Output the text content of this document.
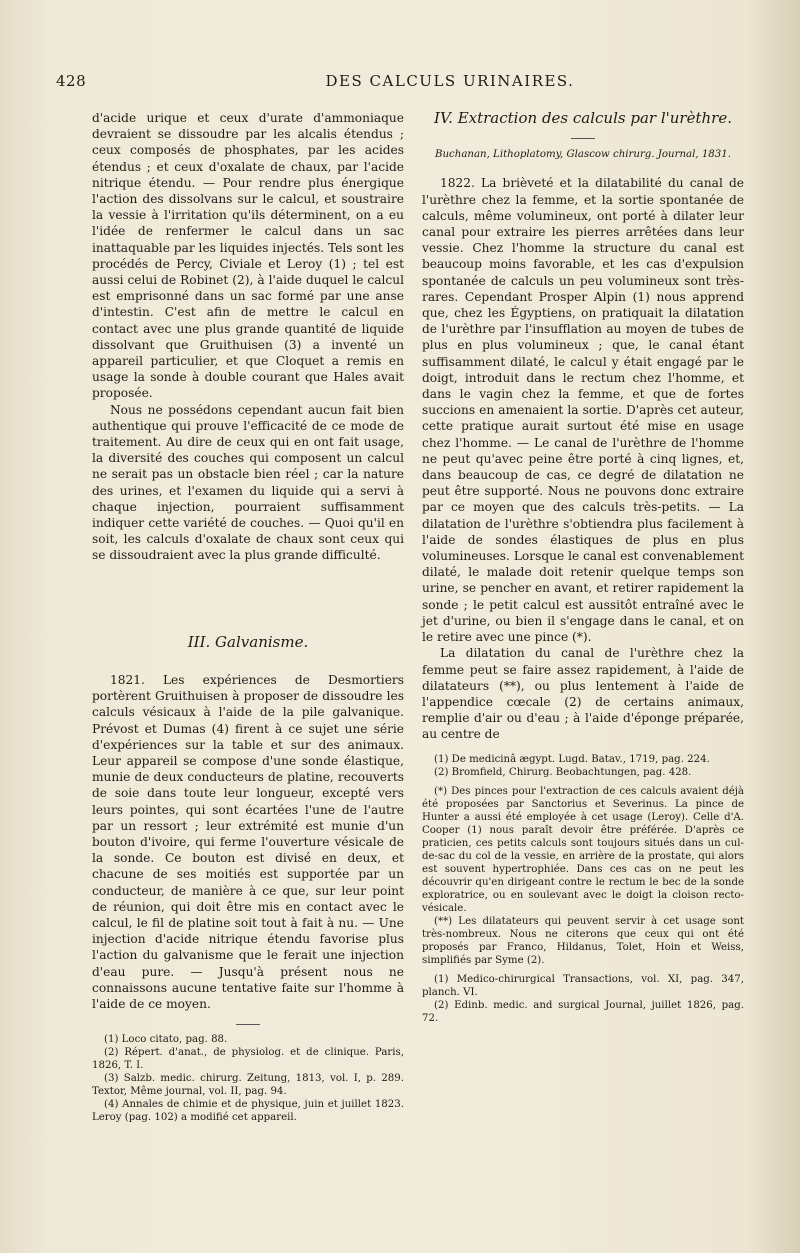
428	DES CALCULS URINAIRES.

d'acide urique et ceux d'urate d'ammoniaque devraient se dissoudre par les alcalis étendus ; ceux composés de phosphates, par les acides étendus ; et ceux d'oxalate de chaux, par l'acide nitrique étendu. — Pour rendre plus énergique l'action des dissolvans sur le calcul, et soustraire la vessie à l'irritation qu'ils déterminent, on a eu l'idée de renfermer le calcul dans un sac inattaquable par les liquides injectés. Tels sont les procédés de Percy, Civiale et Leroy (1) ; tel est aussi celui de Robinet (2), à l'aide duquel le calcul est emprisonné dans un sac formé par une anse d'intestin. C'est afin de mettre le calcul en contact avec une plus grande quantité de liquide dissolvant que Gruithuisen (3) a inventé un appareil particulier, et que Cloquet a remis en usage la sonde à double courant que Hales avait proposée.

Nous ne possédons cependant aucun fait bien authentique qui prouve l'efficacité de ce mode de traitement. Au dire de ceux qui en ont fait usage, la diversité des couches qui composent un calcul ne serait pas un obstacle bien réel ; car la nature des urines, et l'examen du liquide qui a servi à chaque injection, pourraient suffisamment indiquer cette variété de couches. — Quoi qu'il en soit, les calculs d'oxalate de chaux sont ceux qui se dissoudraient avec la plus grande difficulté.

III. Galvanisme.

1821. Les expériences de Desmortiers portèrent Gruithuisen à proposer de dissoudre les calculs vésicaux à l'aide de la pile galvanique. Prévost et Dumas (4) firent à ce sujet une série d'expériences sur la table et sur des animaux. Leur appareil se compose d'une sonde élastique, munie de deux conducteurs de platine, recouverts de soie dans toute leur longueur, excepté vers leurs pointes, qui sont écartées l'une de l'autre par un ressort ; leur extrémité est munie d'un bouton d'ivoire, qui ferme l'ouverture vésicale de la sonde. Ce bouton est divisé en deux, et chacune de ses moitiés est supportée par un conducteur, de manière à ce que, sur leur point de réunion, qui doit être mis en contact avec le calcul, le fil de platine soit tout à fait à nu. — Une injection d'acide nitrique étendu favorise plus l'action du galvanisme que le ferait une injection d'eau pure. — Jusqu'à présent nous ne connaissons aucune tentative faite sur l'homme à l'aide de ce moyen.

(1) Loco citato, pag. 88.

(2) Répert. d'anat., de physiolog. et de clinique. Paris, 1826, T. I.

(3) Salzb. medic. chirurg. Zeitung, 1813, vol. I, p. 289. Textor, Même journal, vol. II, pag. 94.

(4) Annales de chimie et de physique, juin et juillet 1823. Leroy (pag. 102) a modifié cet appareil.

IV. Extraction des calculs par l'urèthre.
Buchanan, Lithoplatomy, Glascow chirurg. Journal, 1831.

1822. La brièveté et la dilatabilité du canal de l'urèthre chez la femme, et la sortie spontanée de calculs, même volumineux, ont porté à dilater leur canal pour extraire les pierres arrêtées dans leur vessie. Chez l'homme la structure du canal est beaucoup moins favorable, et les cas d'expulsion spontanée de calculs un peu volumineux sont très-rares. Cependant Prosper Alpin (1) nous apprend que, chez les Égyptiens, on pratiquait la dilatation de l'urèthre par l'insufflation au moyen de tubes de plus en plus volumineux ; que, le canal étant suffisamment dilaté, le calcul y était engagé par le doigt, introduit dans le rectum chez l'homme, et dans le vagin chez la femme, et que de fortes succions en amenaient la sortie. D'après cet auteur, cette pratique aurait surtout été mise en usage chez l'homme. — Le canal de l'urèthre de l'homme ne peut qu'avec peine être porté à cinq lignes, et, dans beaucoup de cas, ce degré de dilatation ne peut être supporté. Nous ne pouvons donc extraire par ce moyen que des calculs très-petits. — La dilatation de l'urèthre s'obtiendra plus facilement à l'aide de sondes élastiques de plus en plus volumineuses. Lorsque le canal est convenablement dilaté, le malade doit retenir quelque temps son urine, se pencher en avant, et retirer rapidement la sonde ; le petit calcul est aussitôt entraîné avec le jet d'urine, ou bien il s'engage dans le canal, et on le retire avec une pince (*).

La dilatation du canal de l'urèthre chez la femme peut se faire assez rapidement, à l'aide de dilatateurs (**), ou plus lentement à l'aide de l'appendice cœcale (2) de certains animaux, remplie d'air ou d'eau ; à l'aide d'éponge préparée, au centre de

(1) De medicinâ ægypt. Lugd. Batav., 1719, pag. 224.

(2) Bromfield, Chirurg. Beobachtungen, pag. 428.

(*) Des pinces pour l'extraction de ces calculs avaient déjà été proposées par Sanctorius et Severinus. La pince de Hunter a aussi été employée à cet usage (Leroy). Celle d'A. Cooper (1) nous paraît devoir être préférée. D'après ce praticien, ces petits calculs sont toujours situés dans un cul-de-sac du col de la vessie, en arrière de la prostate, qui alors est souvent hypertrophiée. Dans ces cas on ne peut les découvrir qu'en dirigeant contre le rectum le bec de la sonde exploratrice, ou en soulevant avec le doigt la cloison recto-vésicale.

(**) Les dilatateurs qui peuvent servir à cet usage sont très-nombreux. Nous ne citerons que ceux qui ont été proposés par Franco, Hildanus, Tolet, Hoin et Weiss, simplifiés par Syme (2).

(1) Medico-chirurgical Transactions, vol. XI, pag. 347, planch. VI.

(2) Edinb. medic. and surgical Journal, juillet 1826, pag. 72.
